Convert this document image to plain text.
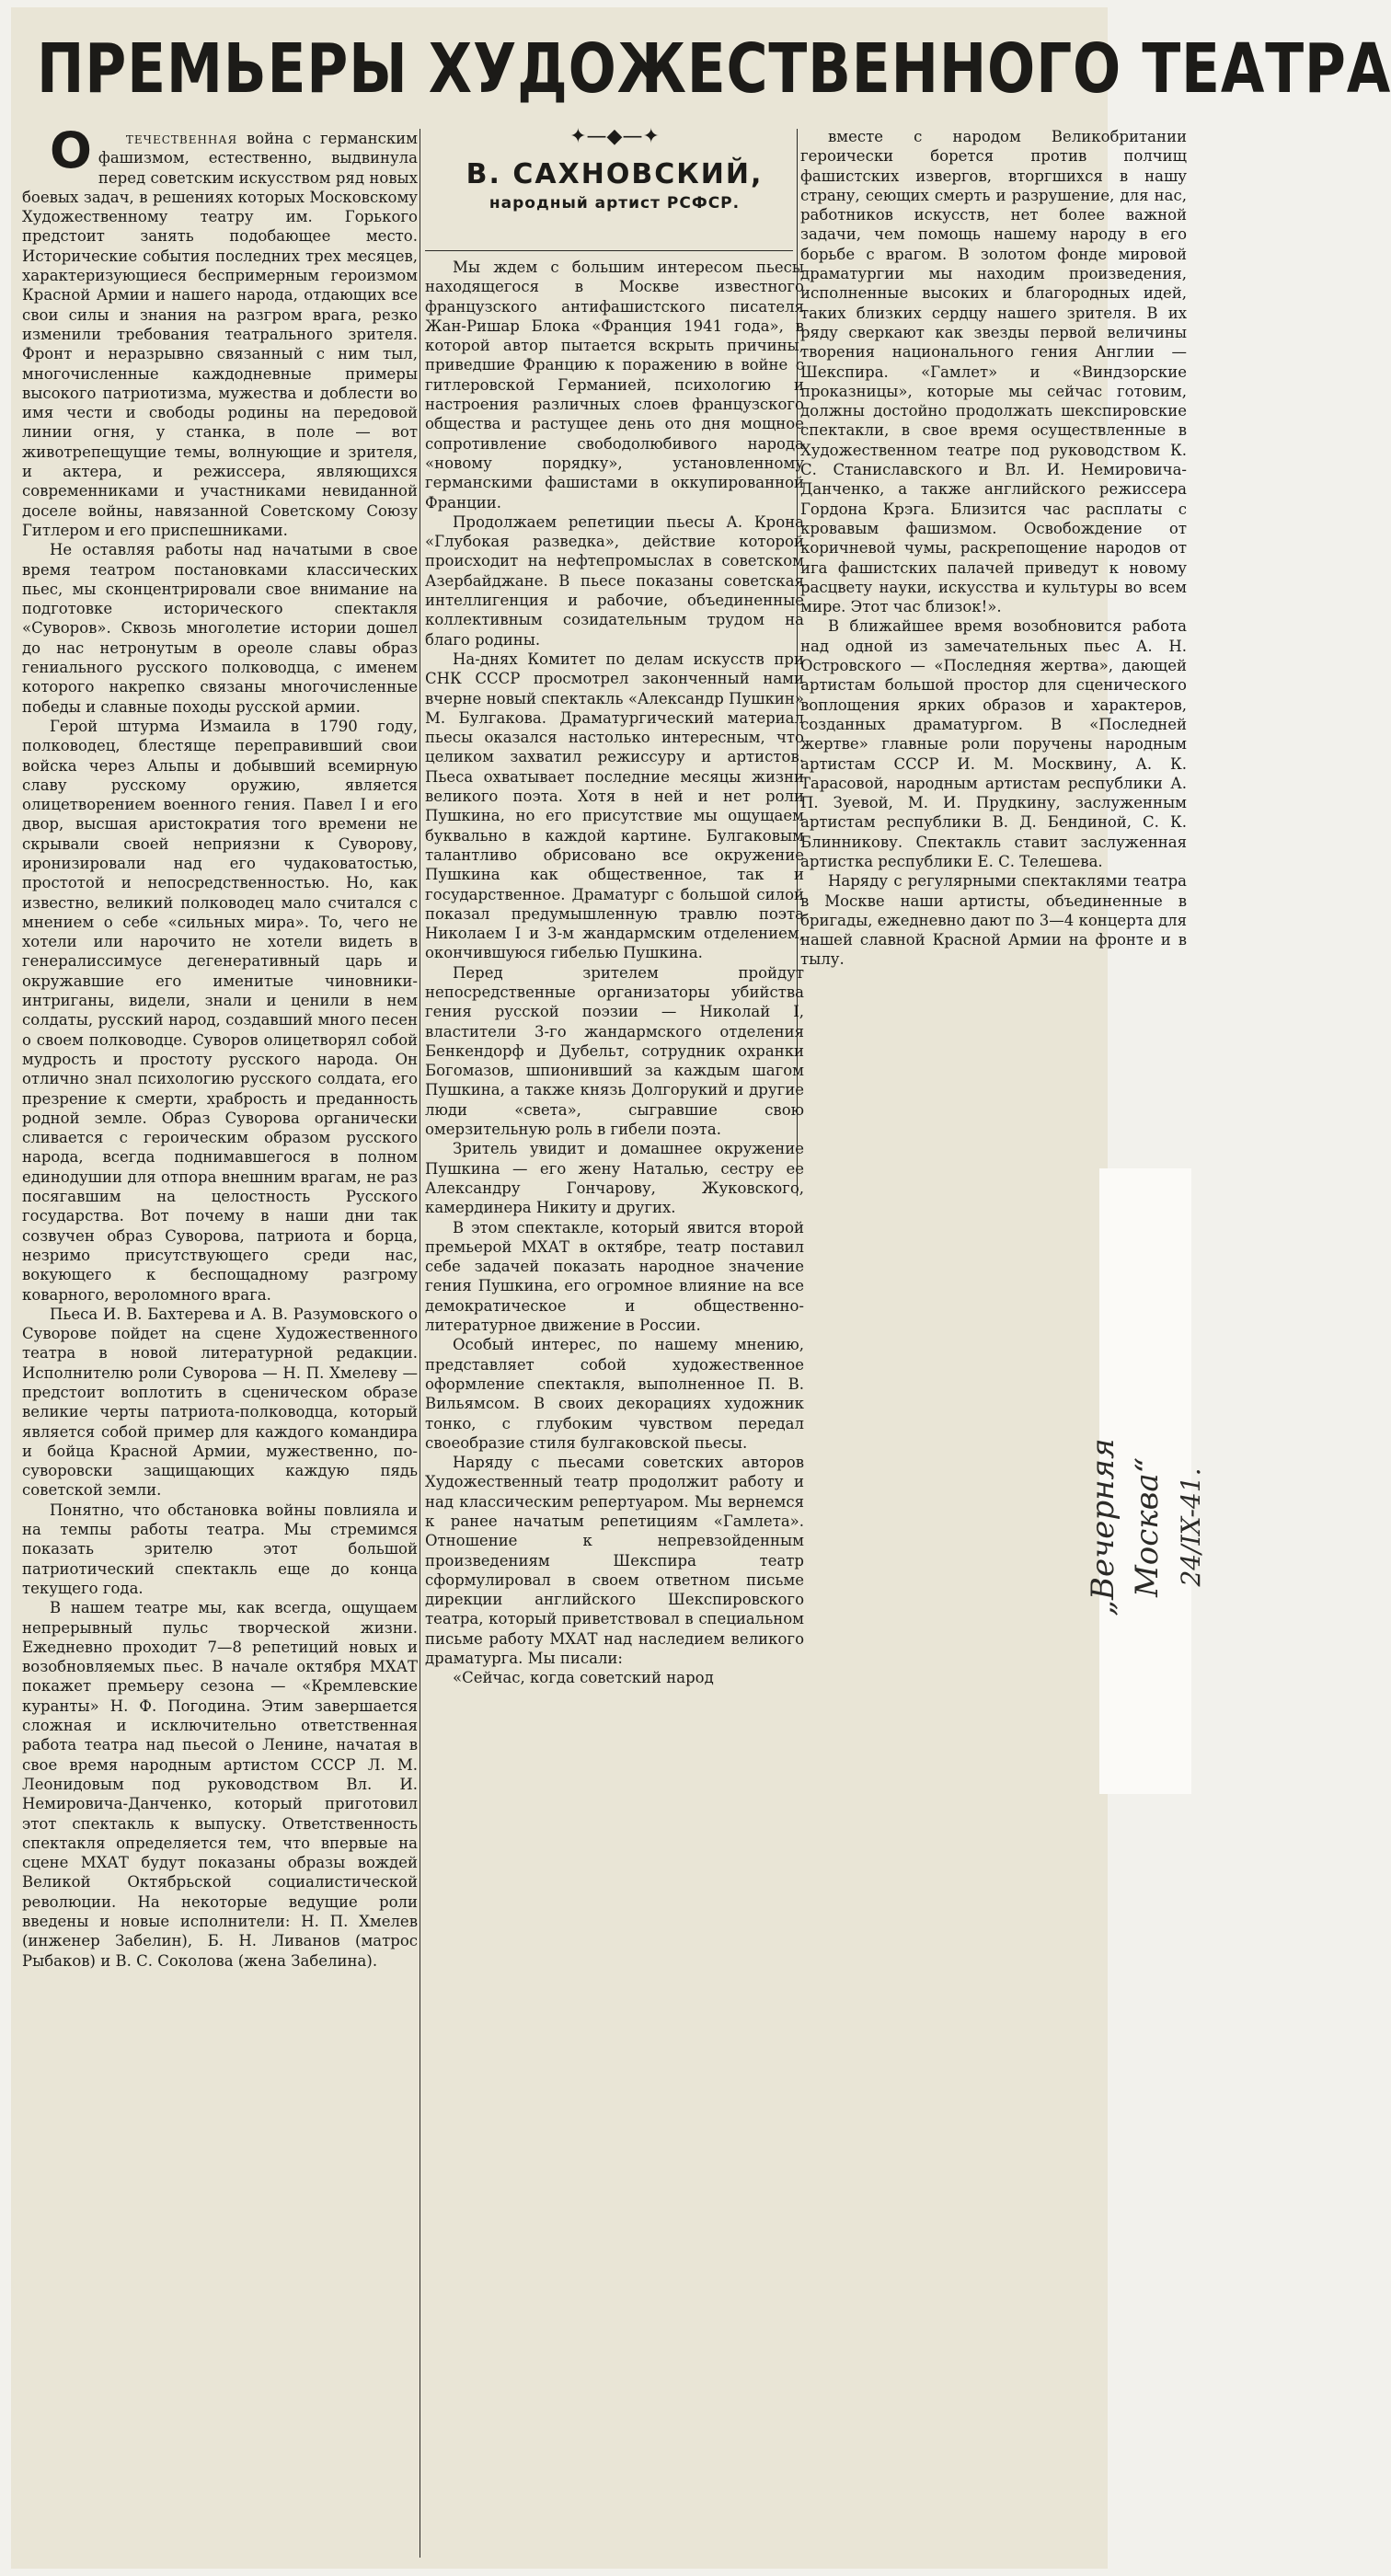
ПРЕМЬЕРЫ ХУДОЖЕСТВЕННОГО ТЕАТРА
✦—◆—✦
В. САХНОВСКИЙ,
народный артист РСФСР.

Отечественная война с германским фашизмом, естественно, выдвинула перед советским искусством ряд новых боевых задач, в решениях которых Московскому Художественному театру им. Горького предстоит занять подобающее место. Исторические события последних трех месяцев, характеризующиеся беспримерным героизмом Красной Армии и нашего народа, отдающих все свои силы и знания на разгром врага, резко изменили требования театрального зрителя. Фронт и неразрывно связанный с ним тыл, многочисленные каждодневные примеры высокого патриотизма, мужества и доблести во имя чести и свободы родины на передовой линии огня, у станка, в поле — вот животрепещущие темы, волнующие и зрителя, и актера, и режиссера, являющихся современниками и участниками невиданной доселе войны, навязанной Советскому Союзу Гитлером и его приспешниками.

Не оставляя работы над начатыми в свое время театром постановками классических пьес, мы сконцентрировали свое внимание на подготовке исторического спектакля «Суворов». Сквозь многолетие истории дошел до нас нетронутым в ореоле славы образ гениального русского полководца, с именем которого накрепко связаны многочисленные победы и славные походы русской армии.

Герой штурма Измаила в 1790 году, полководец, блестяще переправивший свои войска через Альпы и добывший всемирную славу русскому оружию, является олицетворением военного гения. Павел I и его двор, высшая аристократия того времени не скрывали своей неприязни к Суворову, иронизировали над его чудаковатостью, простотой и непосредственностью. Но, как известно, великий полководец мало считался с мнением о себе «сильных мира». То, чего не хотели или нарочито не хотели видеть в генералиссимусе дегенеративный царь и окружавшие его именитые чиновники-интриганы, видели, знали и ценили в нем солдаты, русский народ, создавший много песен о своем полководце. Суворов олицетворял собой мудрость и простоту русского народа. Он отлично знал психологию русского солдата, его презрение к смерти, храбрость и преданность родной земле. Образ Суворова органически сливается с героическим образом русского народа, всегда поднимавшегося в полном единодушии для отпора внешним врагам, не раз посягавшим на целостность Русского государства. Вот почему в наши дни так созвучен образ Суворова, патриота и борца, незримо присутствующего среди нас, вокующего к беспощадному разгрому коварного, вероломного врага.

Пьеса И. В. Бахтерева и А. В. Разумовского о Суворове пойдет на сцене Художественного театра в новой литературной редакции. Исполнителю роли Суворова — Н. П. Хмелеву — предстоит воплотить в сценическом образе великие черты патриота-полководца, который является собой пример для каждого командира и бойца Красной Армии, мужественно, по-суворовски защищающих каждую пядь советской земли.

Понятно, что обстановка войны повлияла и на темпы работы театра. Мы стремимся показать зрителю этот большой патриотический спектакль еще до конца текущего года.

В нашем театре мы, как всегда, ощущаем непрерывный пульс творческой жизни. Ежедневно проходит 7—8 репетиций новых и возобновляемых пьес. В начале октября МХАТ покажет премьеру сезона — «Кремлевские куранты» Н. Ф. Погодина. Этим завершается сложная и исключительно ответственная работа театра над пьесой о Ленине, начатая в свое время народным артистом СССР Л. М. Леонидовым под руководством Вл. И. Немировича-Данченко, который приготовил этот спектакль к выпуску. Ответственность спектакля определяется тем, что впервые на сцене МХАТ будут показаны образы вождей Великой Октябрьской социалистической революции. На некоторые ведущие роли введены и новые исполнители: Н. П. Хмелев (инженер Забелин), Б. Н. Ливанов (матрос Рыбаков) и В. С. Соколова (жена Забелина).

Мы ждем с большим интересом пьесы находящегося в Москве известного французского антифашистского писателя Жан-Ришар Блока «Франция 1941 года», в которой автор пытается вскрыть причины, приведшие Францию к поражению в войне с гитлеровской Германией, психологию и настроения различных слоев французского общества и растущее день ото дня мощное сопротивление свободолюбивого народа «новому порядку», установленному германскими фашистами в оккупированной Франции.

Продолжаем репетиции пьесы А. Крона «Глубокая разведка», действие которой происходит на нефтепромыслах в советском Азербайджане. В пьесе показаны советская интеллигенция и рабочие, объединенные коллективным созидательным трудом на благо родины.

На-днях Комитет по делам искусств при СНК СССР просмотрел законченный нами вчерне новый спектакль «Александр Пушкин» М. Булгакова. Драматургический материал пьесы оказался настолько интересным, что целиком захватил режиссуру и артистов. Пьеса охватывает последние месяцы жизни великого поэта. Хотя в ней и нет роли Пушкина, но его присутствие мы ощущаем буквально в каждой картине. Булгаковым талантливо обрисовано все окружение Пушкина как общественное, так и государственное. Драматург с большой силой показал предумышленную травлю поэта Николаем I и 3-м жандармским отделением, окончившуюся гибелью Пушкина.

Перед зрителем пройдут непосредственные организаторы убийства гения русской поэзии — Николай I, властители 3-го жандармского отделения Бенкендорф и Дубельт, сотрудник охранки Богомазов, шпионивший за каждым шагом Пушкина, а также князь Долгорукий и другие люди «света», сыгравшие свою омерзительную роль в гибели поэта.

Зритель увидит и домашнее окружение Пушкина — его жену Наталью, сестру ее Александру Гончарову, Жуковского, камердинера Никиту и других.

В этом спектакле, который явится второй премьерой МХАТ в октябре, театр поставил себе задачей показать народное значение гения Пушкина, его огромное влияние на все демократическое и общественно-литературное движение в России.

Особый интерес, по нашему мнению, представляет собой художественное оформление спектакля, выполненное П. В. Вильямсом. В своих декорациях художник тонко, с глубоким чувством передал своеобразие стиля булгаковской пьесы.

Наряду с пьесами советских авторов Художественный театр продолжит работу и над классическим репертуаром. Мы вернемся к ранее начатым репетициям «Гамлета». Отношение к непревзойденным произведениям Шекспира театр сформулировал в своем ответном письме дирекции английского Шекспировского театра, который приветствовал в специальном письме работу МХАТ над наследием великого драматурга. Мы писали:

«Сейчас, когда советский народ

вместе с народом Великобритании героически борется против полчищ фашистских извергов, вторгшихся в нашу страну, сеющих смерть и разрушение, для нас, работников искусств, нет более важной задачи, чем помощь нашему народу в его борьбе с врагом. В золотом фонде мировой драматургии мы находим произведения, исполненные высоких и благородных идей, таких близких сердцу нашего зрителя. В их ряду сверкают как звезды первой величины творения национального гения Англии — Шекспира. «Гамлет» и «Виндзорские проказницы», которые мы сейчас готовим, должны достойно продолжать шекспировские спектакли, в свое время осуществленные в Художественном театре под руководством К. С. Станиславского и Вл. И. Немировича-Данченко, а также английского режиссера Гордона Крэга. Близится час расплаты с кровавым фашизмом. Освобождение от коричневой чумы, раскрепощение народов от ига фашистских палачей приведут к новому расцвету науки, искусства и культуры во всем мире. Этот час близок!».

В ближайшее время возобновится работа над одной из замечательных пьес А. Н. Островского — «Последняя жертва», дающей артистам большой простор для сценического воплощения ярких образов и характеров, созданных драматургом. В «Последней жертве» главные роли поручены народным артистам СССР И. М. Москвину, А. К. Тарасовой, народным артистам республики А. П. Зуевой, М. И. Прудкину, заслуженным артистам республики В. Д. Бендиной, С. К. Блинникову. Спектакль ставит заслуженная артистка республики Е. С. Телешева.

Наряду с регулярными спектаклями театра в Москве наши артисты, объединенные в бригады, ежедневно дают по 3—4 концерта для нашей славной Красной Армии на фронте и в тылу.

„Вечерняя Москва“ 24/IX-41.
